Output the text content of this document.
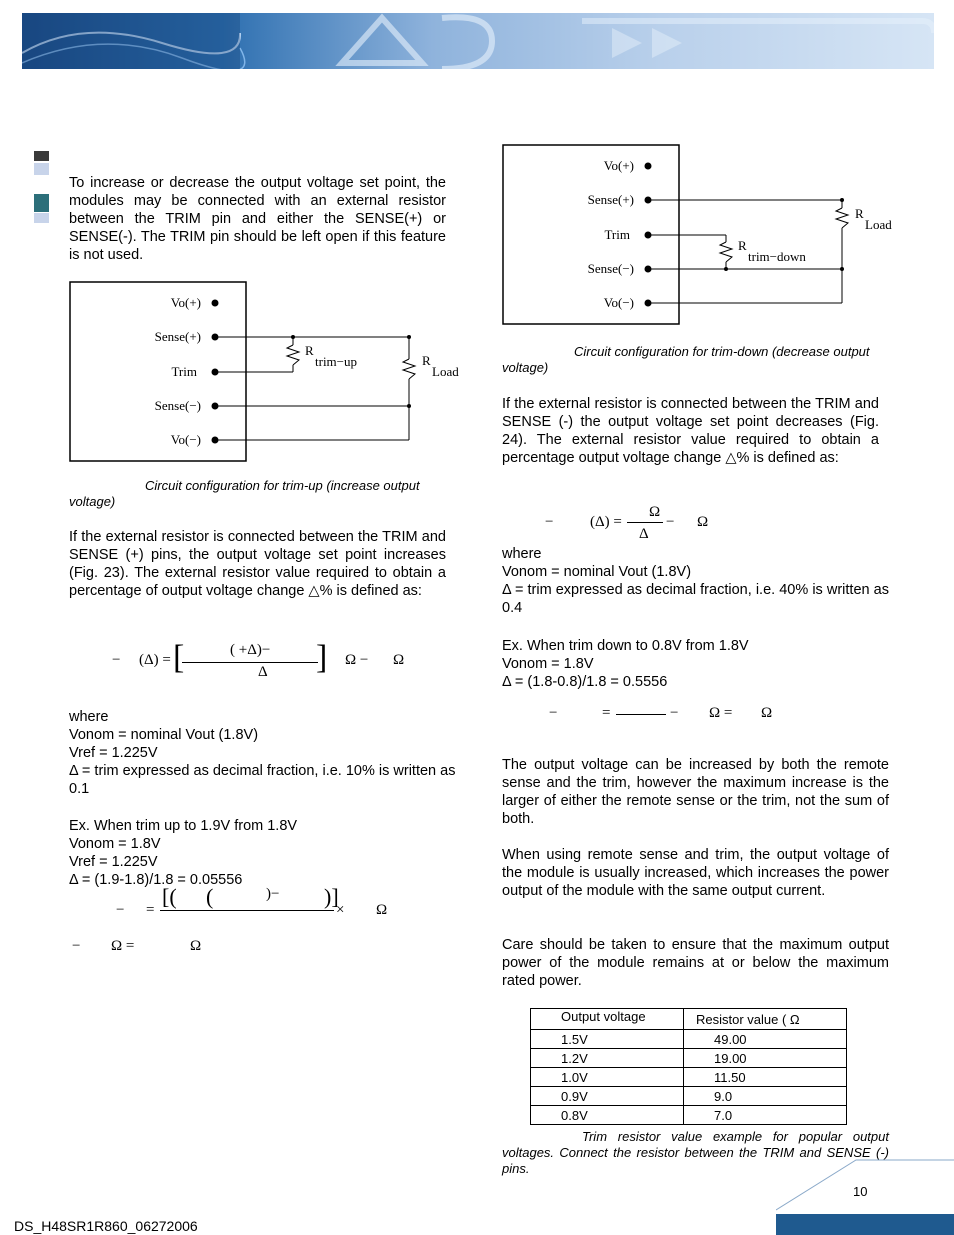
To increase or decrease the output voltage set point, the modules may be connected with an external resistor between the TRIM pin and either the SENSE(+) or SENSE(-). The TRIM pin should be left open if this feature is not used.
Vo(+)
Sense(+)
Trim
Sense(−)
Vo(−)
R
trim−up	R
Load
Circuit configuration for trim-up (increase output voltage)
If the external resistor is connected between the TRIM and SENSE (+) pins, the output voltage set point increases (Fig. 23). The external resistor value required to obtain a percentage of output voltage change △% is defined as:
− (Δ) = [	( +Δ)−
Δ ] Ω − Ω
where
Vonom = nominal Vout (1.8V)
Vref = 1.225V
Δ = trim expressed as decimal fraction, i.e. 10% is written as 0.1
Ex. When trim up to 1.9V from 1.8V
Vonom = 1.8V
Vref = 1.225V
Δ = (1.9-1.8)/1.8 = 0.05556
[( (	)− )]
− =	× Ω
− Ω =	Ω
Vo(+)
Sense(+)
Trim
Sense(−)
Vo(−)
R
trim−down
R
Load
Circuit configuration for trim-down (decrease output voltage)
If the external resistor is connected between the TRIM and SENSE (-) the output voltage set point decreases (Fig. 24). The external resistor value required to obtain a percentage output voltage change △% is defined as:
− (Δ) =
Ω
Δ
− Ω
where
Vonom = nominal Vout (1.8V)
Δ = trim expressed as decimal fraction, i.e. 40% is written as 0.4
Ex. When trim down to 0.8V from 1.8V
Vonom = 1.8V
Δ = (1.8-0.8)/1.8 = 0.5556
−	=	− Ω = Ω
The output voltage can be increased by both the remote sense and the trim, however the maximum increase is the larger of either the remote sense or the trim, not the sum of both.
When using remote sense and trim, the output voltage of the module is usually increased, which increases the power output of the module with the same output current.
Care should be taken to ensure that the maximum output power of the module remains at or below the maximum rated power.
Output voltage	Resistor value ( Ω
1.5V	49.00
1.2V	19.00
1.0V	11.50
0.9V	9.0
0.8V	7.0
Trim resistor value example for popular output voltages. Connect the resistor between the TRIM and SENSE (-) pins.
10
DS_H48SR1R860_06272006
